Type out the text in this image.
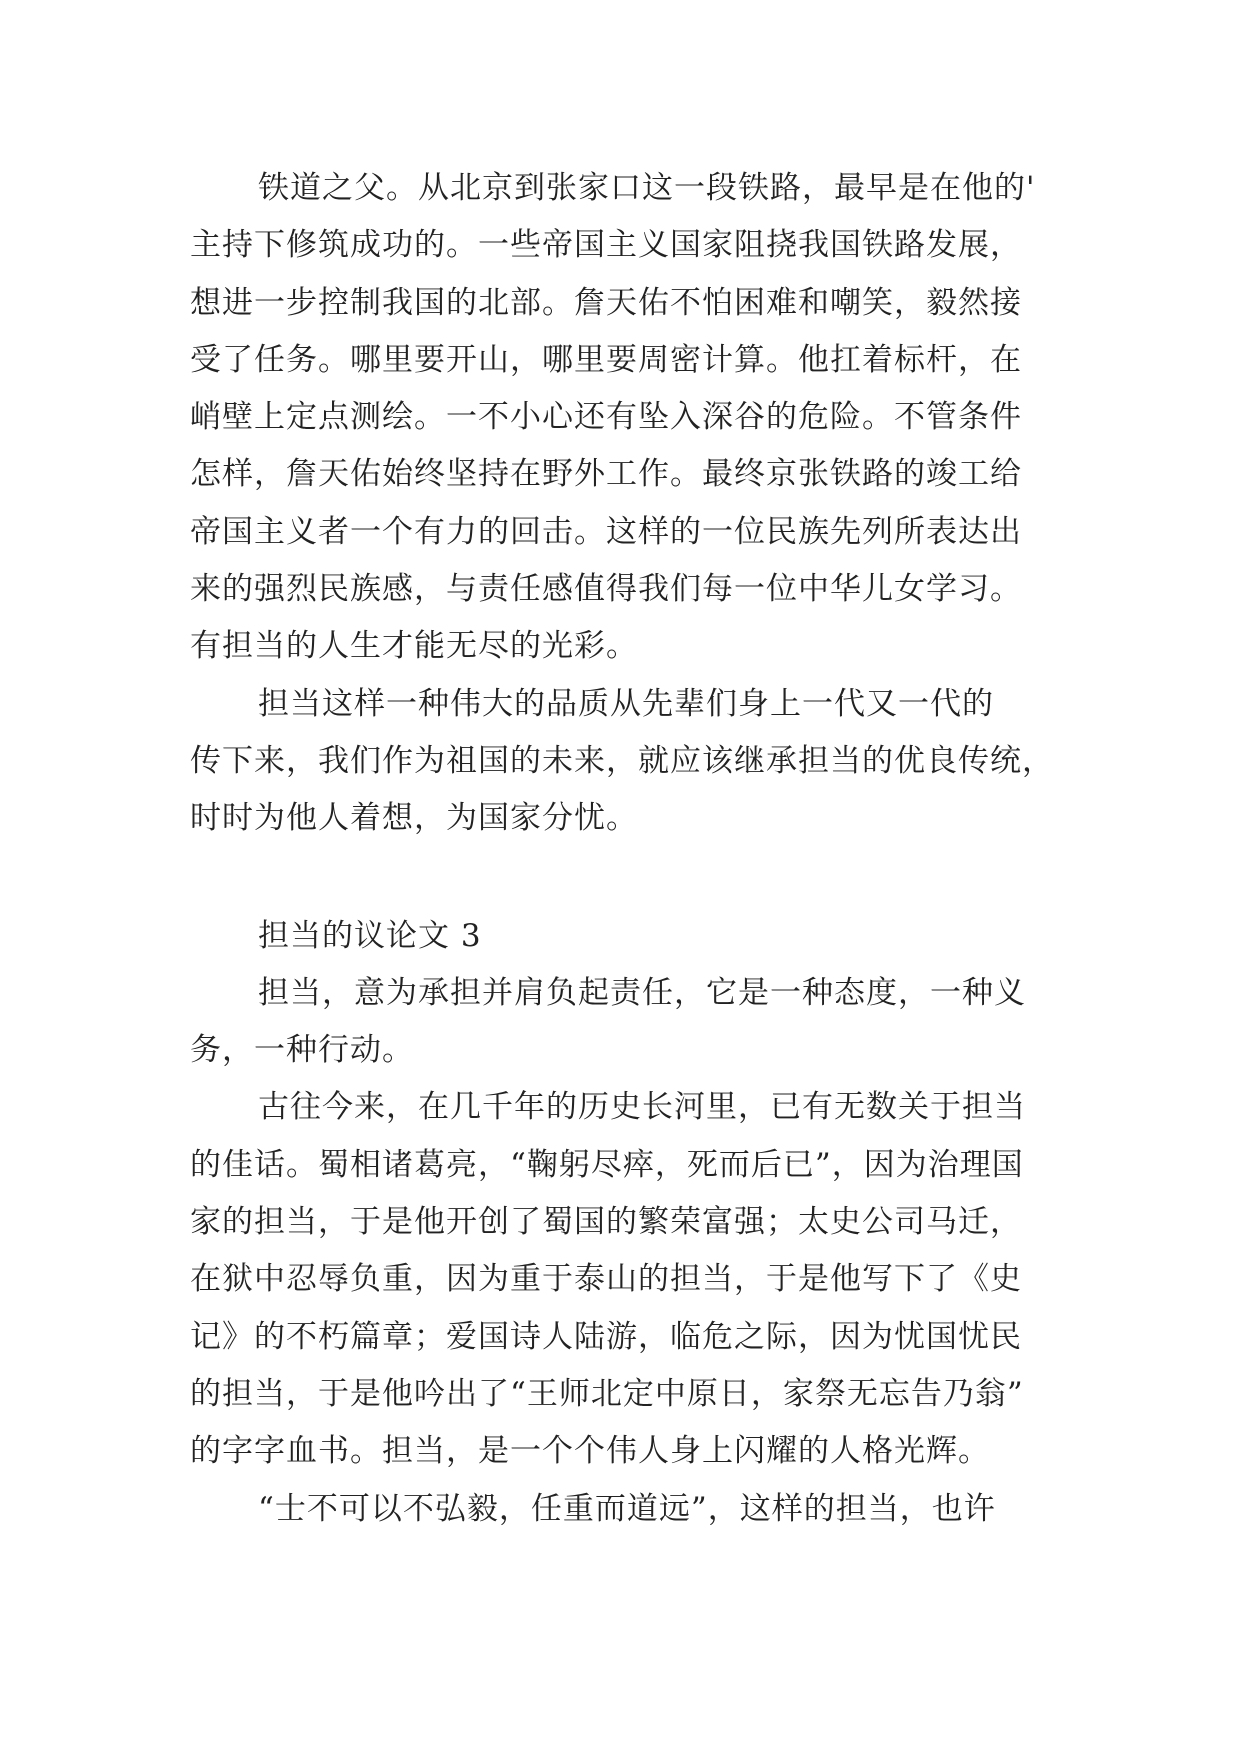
铁道之父。从北京到张家口这一段铁路，最早是在他的'
主持下修筑成功的。一些帝国主义国家阻挠我国铁路发展，
想进一步控制我国的北部。詹天佑不怕困难和嘲笑，毅然接
受了任务。哪里要开山，哪里要周密计算。他扛着标杆，在
峭壁上定点测绘。一不小心还有坠入深谷的危险。不管条件
怎样，詹天佑始终坚持在野外工作。最终京张铁路的竣工给
帝国主义者一个有力的回击。这样的一位民族先列所表达出
来的强烈民族感，与责任感值得我们每一位中华儿女学习。
有担当的人生才能无尽的光彩。
担当这样一种伟大的品质从先辈们身上一代又一代的
传下来，我们作为祖国的未来，就应该继承担当的优良传统，
时时为他人着想，为国家分忧。
担当的议论文 3
担当，意为承担并肩负起责任，它是一种态度，一种义
务，一种行动。
古往今来，在几千年的历史长河里，已有无数关于担当
的佳话。蜀相诸葛亮，“鞠躬尽瘁，死而后已”，因为治理国
家的担当，于是他开创了蜀国的繁荣富强；太史公司马迁，
在狱中忍辱负重，因为重于泰山的担当，于是他写下了《史
记》的不朽篇章；爱国诗人陆游，临危之际，因为忧国忧民
的担当，于是他吟出了“王师北定中原日，家祭无忘告乃翁”
的字字血书。担当，是一个个伟人身上闪耀的人格光辉。
“士不可以不弘毅，任重而道远”，这样的担当，也许
